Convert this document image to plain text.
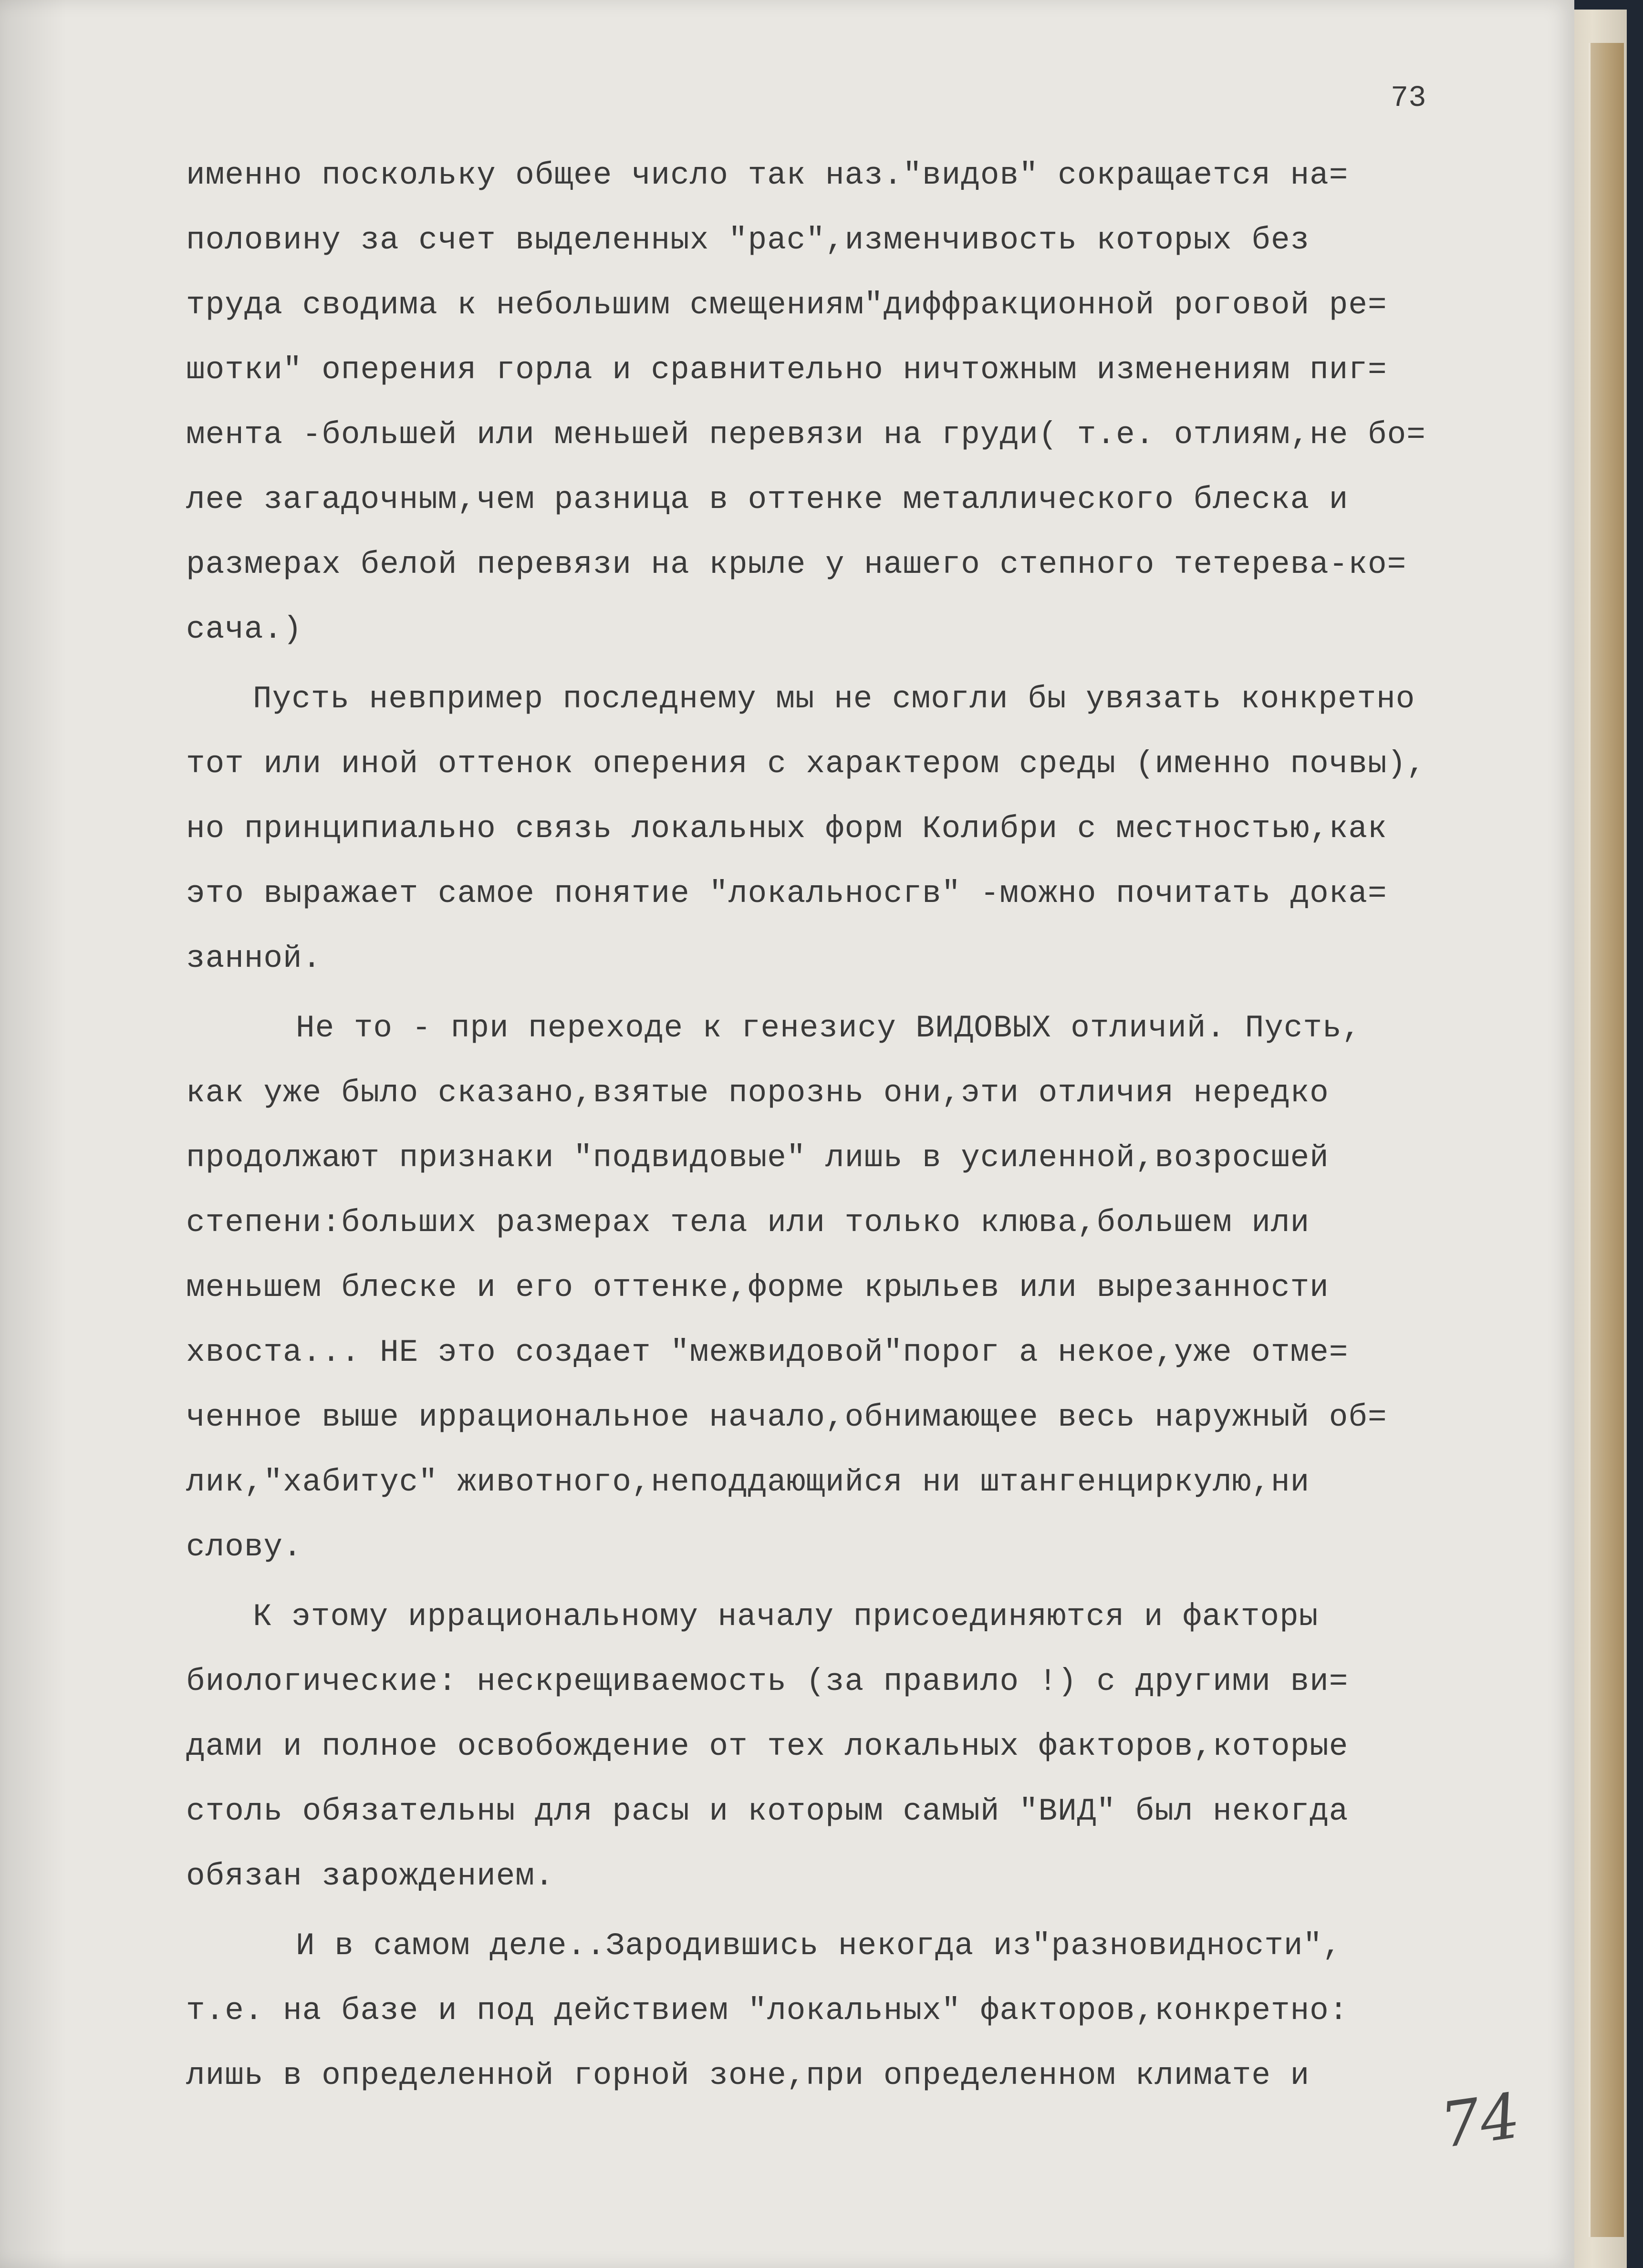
73
именно поскольку общее число так наз."видов" сокращается на=
половину за счет выделенных "рас",изменчивость которых без
труда сводима к небольшим смещениям"диффракционной роговой ре=
шотки" оперения горла и сравнительно ничтожным изменениям пиг=
мента -большей или меньшей перевязи на груди( т.е. отлиям,не бо=
лее загадочным,чем разница в оттенке металлического блеска и
размерах белой перевязи на крыле у нашего степного тетерева-ко=
сача.)
Пусть невпример последнему мы не смогли бы увязать конкретно
тот или иной оттенок оперения с характером среды (именно почвы),
но принципиально связь локальных форм Колибри с местностью,как
это выражает самое понятие "локальносгв" -можно почитать дока=
занной.
Не то - при переходе к генезису ВИДОВЫХ отличий. Пусть,
как уже было сказано,взятые порознь они,эти отличия нередко
продолжают признаки "подвидовые" лишь в усиленной,возросшей
степени:больших размерах тела или только клюва,большем или
меньшем блеске и его оттенке,форме крыльев или вырезанности
хвоста... НЕ это создает "межвидовой"порог а некое,уже отме=
ченное выше иррациональное начало,обнимающее весь наружный об=
лик,"хабитус" животного,неподдающийся ни штангенциркулю,ни
слову.
К этому иррациональному началу присоединяются и факторы
биологические: нескрещиваемость (за правило !) с другими ви=
дами и полное освобождение от тех локальных факторов,которые
столь обязательны для расы и которым самый "ВИД" был некогда
обязан зарождением.
И в самом деле..Зародившись некогда из"разновидности",
т.е. на базе и под действием "локальных" факторов,конкретно:
лишь в определенной горной зоне,при определенном климате и
74
